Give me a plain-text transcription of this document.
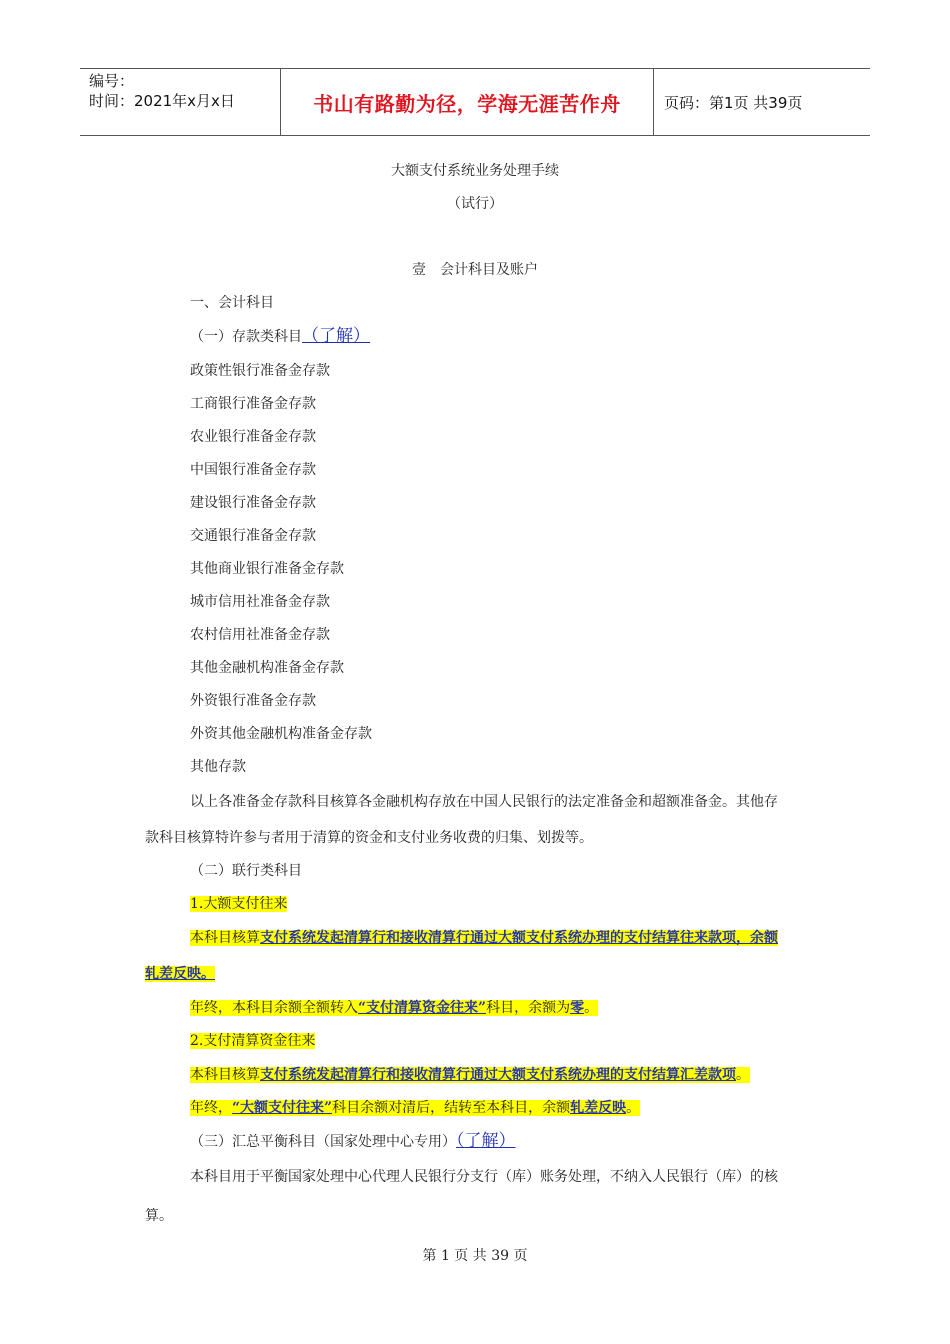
编号：
时间：2021年x月x日	书山有路勤为径，学海无涯苦作舟	页码：第1页 共39页
大额支付系统业务处理手续
（试行）
壹　会计科目及账户
一、会计科目
（一）存款类科目（了解）
政策性银行准备金存款
工商银行准备金存款
农业银行准备金存款
中国银行准备金存款
建设银行准备金存款
交通银行准备金存款
其他商业银行准备金存款
城市信用社准备金存款
农村信用社准备金存款
其他金融机构准备金存款
外资银行准备金存款
外资其他金融机构准备金存款
其他存款
以上各准备金存款科目核算各金融机构存放在中国人民银行的法定准备金和超额准备金。其他存
款科目核算特许参与者用于清算的资金和支付业务收费的归集、划拨等。
（二）联行类科目
1.大额支付往来
本科目核算支付系统发起清算行和接收清算行通过大额支付系统办理的支付结算往来款项，余额
轧差反映。
年终，本科目余额全额转入“支付清算资金往来”科目，余额为零。
2.支付清算资金往来
本科目核算支付系统发起清算行和接收清算行通过大额支付系统办理的支付结算汇差款项。
年终，“大额支付往来”科目余额对清后，结转至本科目，余额轧差反映。
（三）汇总平衡科目（国家处理中心专用）（了解）
本科目用于平衡国家处理中心代理人民银行分支行（库）账务处理，不纳入人民银行（库）的核
算。
第 1 页 共 39 页
